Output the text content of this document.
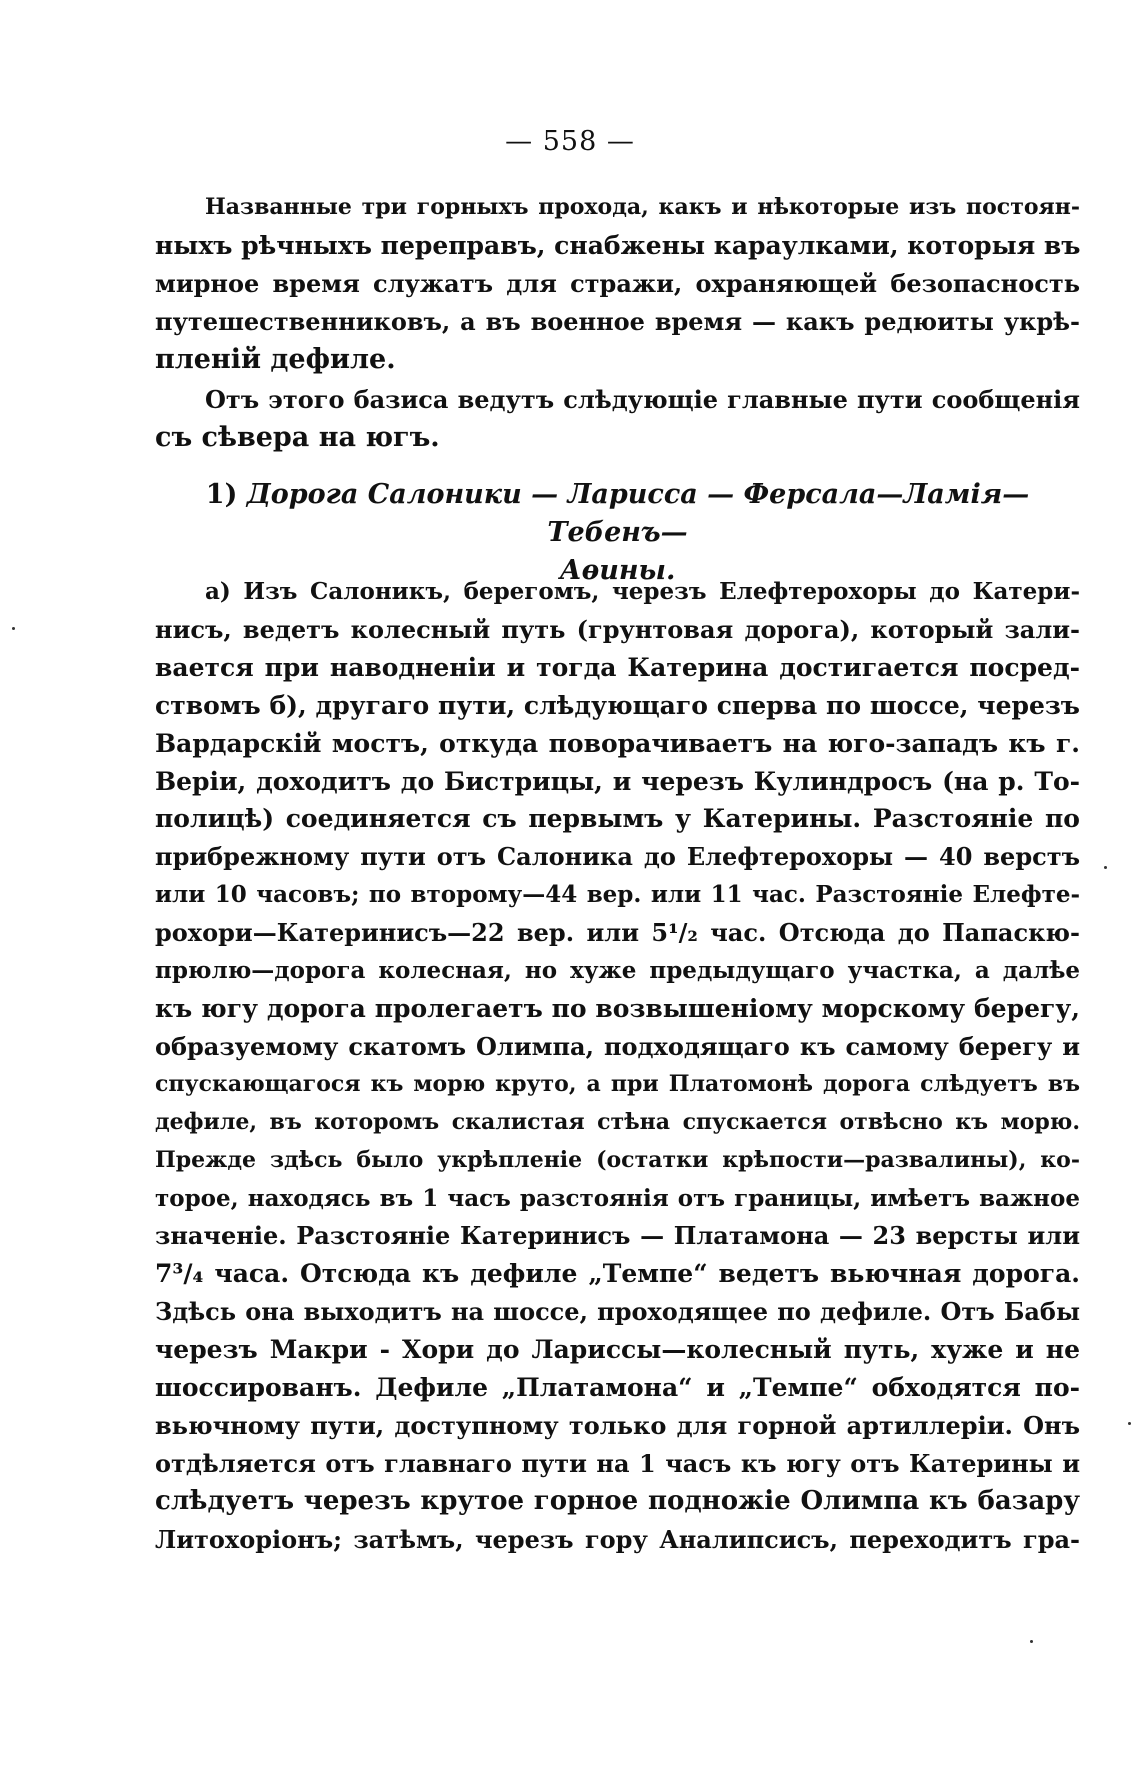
— 558 —
Названные три горныхъ прохода, какъ и нѣкоторые изъ постоян-
ныхъ рѣчныхъ переправъ, снабжены караулками, которыя въ
мирное время служатъ для стражи, охраняющей безопасность
путешественниковъ, а въ военное время — какъ редюиты укрѣ-
пленій дефиле.
Отъ этого базиса ведутъ слѣдующіе главные пути сообщенія
съ сѣвера на югъ.
1) Дорога Салоники — Ларисса — Ферсала—Ламія— Тебенъ—
Аѳины.
а) Изъ Салоникъ, берегомъ, черезъ Елефтерохоры до Катери-
нисъ, ведетъ колесный путь (грунтовая дорога), который зали-
вается при наводненіи и тогда Катерина достигается посред-
ствомъ б), другаго пути, слѣдующаго сперва по шоссе, черезъ
Вардарскій мостъ, откуда поворачиваетъ на юго-западъ къ г.
Веріи, доходитъ до Бистрицы, и черезъ Кулиндросъ (на р. То-
полицѣ) соединяется съ первымъ у Катерины. Разстояніе по
прибрежному пути отъ Салоника до Елефтерохоры — 40 верстъ
или 10 часовъ; по второму—44 вер. или 11 час. Разстояніе Елефте-
рохори—Катеринисъ—22 вер. или 5¹/₂ час. Отсюда до Папаскю-
прюлю—дорога колесная, но хуже предыдущаго участка, а далѣе
къ югу дорога пролегаетъ по возвышенiому морскому берегу,
образуемому скатомъ Олимпа, подходящаго къ самому берегу и
спускающагося къ морю круто, а при Платомонѣ дорога слѣдуетъ въ
дефиле, въ которомъ скалистая стѣна спускается отвѣсно къ морю.
Прежде здѣсь было укрѣпленіе (остатки крѣпости—развалины), ко-
торое, находясь въ 1 часъ разстоянія отъ границы, имѣетъ важное
значеніе. Разстояніе Катеринисъ — Платамона — 23 версты или
7³/₄ часа. Отсюда къ дефиле „Темпе“ ведетъ вьючная дорога.
Здѣсь она выходитъ на шоссе, проходящее по дефиле. Отъ Бабы
черезъ Макри - Хори до Лариссы—колесный путь, хуже и не
шоссированъ. Дефиле „Платамона“ и „Темпе“ обходятся по-
вьючному пути, доступному только для горной артиллеріи. Онъ
отдѣляется отъ главнаго пути на 1 часъ къ югу отъ Катерины и
слѣдуетъ черезъ крутое горное подножіе Олимпа къ базару
Литохоріонъ; затѣмъ, черезъ гору Аналипсисъ, переходитъ гра-
